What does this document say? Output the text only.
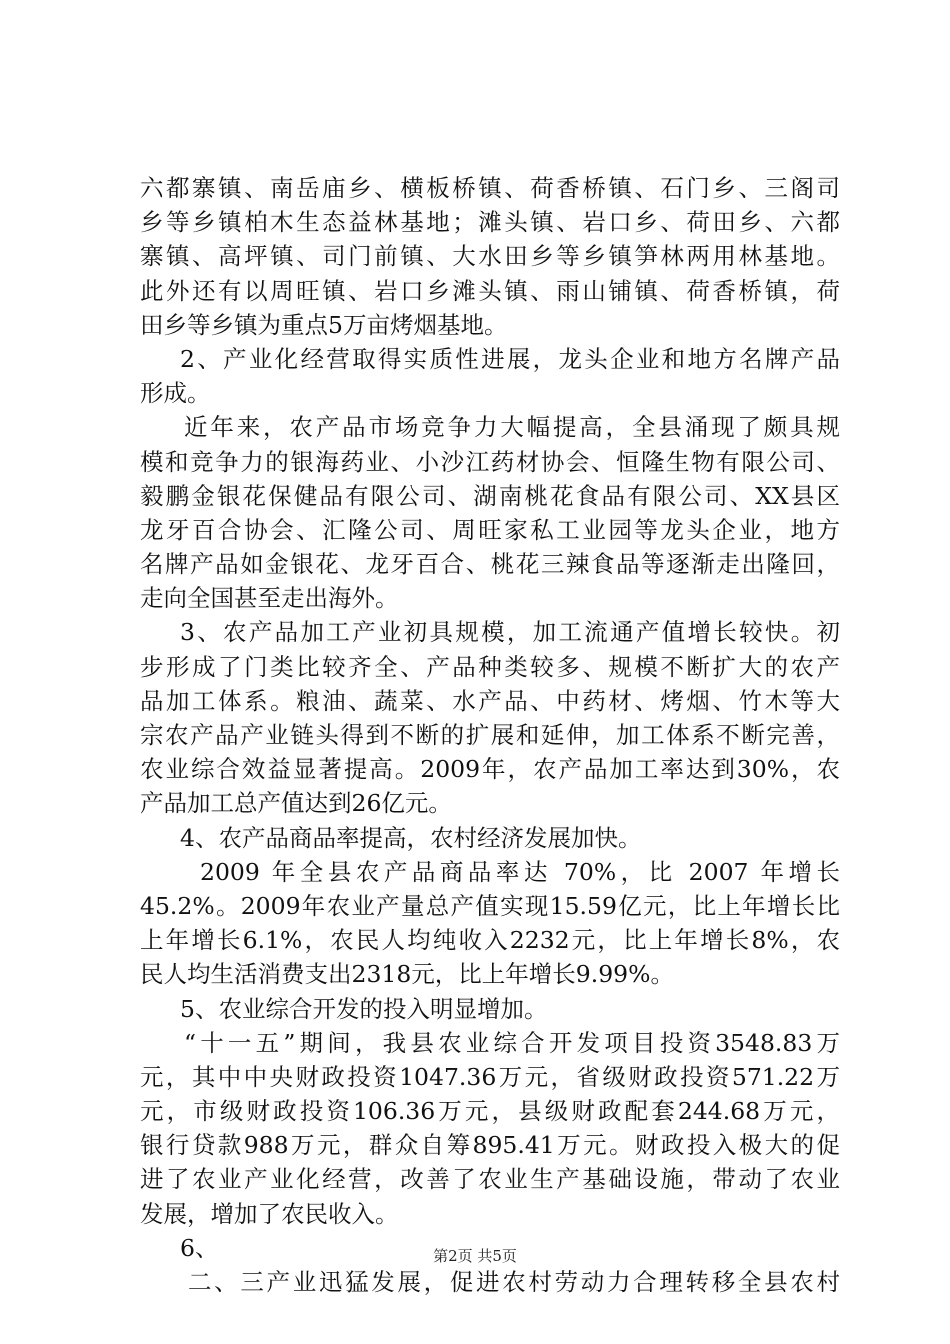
六都寨镇、南岳庙乡、横板桥镇、荷香桥镇、石门乡、三阁司
乡等乡镇柏木生态益林基地；滩头镇、岩口乡、荷田乡、六都
寨镇、高坪镇、司门前镇、大水田乡等乡镇笋林两用林基地。
此外还有以周旺镇、岩口乡滩头镇、雨山铺镇、荷香桥镇，荷
田乡等乡镇为重点5万亩烤烟基地。
2、产业化经营取得实质性进展，龙头企业和地方名牌产品
形成。
近年来，农产品市场竞争力大幅提高，全县涌现了颇具规
模和竞争力的银海药业、小沙江药材协会、恒隆生物有限公司、
毅鹏金银花保健品有限公司、湖南桃花食品有限公司、XX县区
龙牙百合协会、汇隆公司、周旺家私工业园等龙头企业，地方
名牌产品如金银花、龙牙百合、桃花三辣食品等逐渐走出隆回，
走向全国甚至走出海外。
3、农产品加工产业初具规模，加工流通产值增长较快。初
步形成了门类比较齐全、产品种类较多、规模不断扩大的农产
品加工体系。粮油、蔬菜、水产品、中药材、烤烟、竹木等大
宗农产品产业链头得到不断的扩展和延伸，加工体系不断完善，
农业综合效益显著提高。2009年，农产品加工率达到30%，农
产品加工总产值达到26亿元。
4、农产品商品率提高，农村经济发展加快。
2009 年全县农产品商品率达 70%，比 2007 年增长
45.2%。2009年农业产量总产值实现15.59亿元，比上年增长比
上年增长6.1%，农民人均纯收入2232元，比上年增长8%，农
民人均生活消费支出2318元，比上年增长9.99%。
5、农业综合开发的投入明显增加。
“十一五”期间，我县农业综合开发项目投资3548.83万
元，其中中央财政投资1047.36万元，省级财政投资571.22万
元，市级财政投资106.36万元，县级财政配套244.68万元，
银行贷款988万元，群众自筹895.41万元。财政投入极大的促
进了农业产业化经营，改善了农业生产基础设施，带动了农业
发展，增加了农民收入。
6、
二、三产业迅猛发展，促进农村劳动力合理转移全县农村
第2页 共5页
